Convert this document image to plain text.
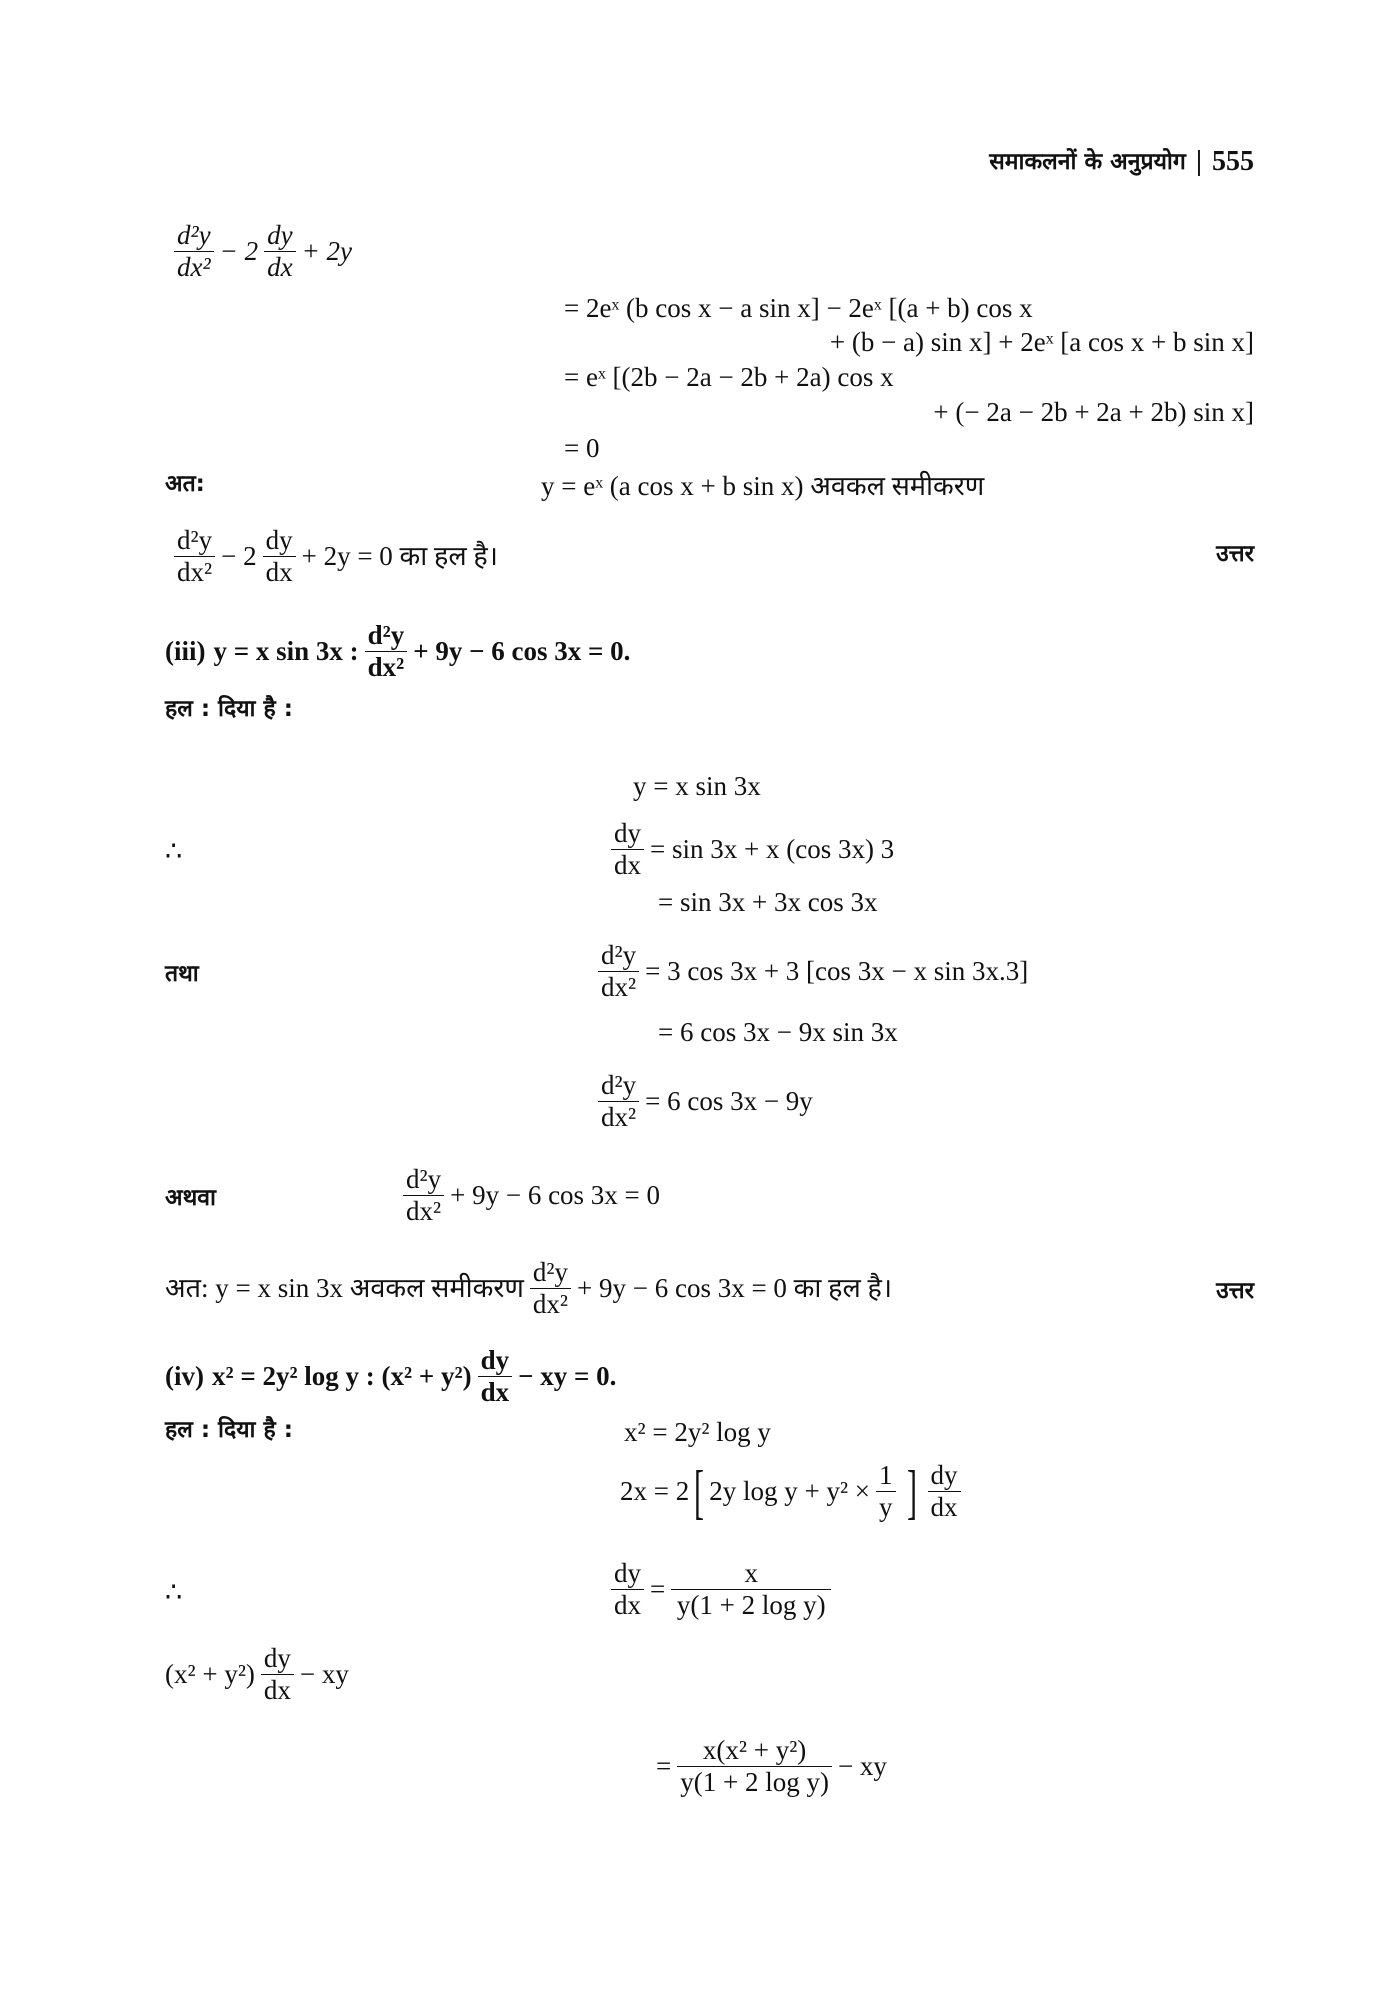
समाकलनों के अनुप्रयोग | 555
$\frac{\text{d²y}}{\text{dx²}} - 2 \frac{dy}{dx} + 2y$
= 2eˣ (b cos x − a sin x] − 2eˣ [(a + b) cos x
+ (b − a) sin x] + 2eˣ [a cos x + b sin x]
= eˣ [(2b − 2a − 2b + 2a) cos x
+ (− 2a − 2b + 2a + 2b) sin x]
= 0
अत:	y = eˣ (a cos x + b sin x) अवकल समीकरण
$\frac{\text{d²y}}{\text{dx²}} - 2 \frac{dy}{dx} + 2y = 0$ का हल है।	उत्तर
(iii) y = x sin 3x : $\frac{\text{d²y}}{\text{dx²}} + 9y - 6$ cos 3x = 0.
हल : दिया है :
y = x sin 3x
∴	$\frac{dy}{dx} = \sin 3x + x$ (cos 3x) 3
= sin 3x + 3x cos 3x
तथा	$\frac{\text{d²y}}{\text{dx²}} = 3$ cos 3x + 3 [cos 3x − x sin 3x.3]
= 6 cos 3x − 9x sin 3x
$\frac{\text{d²y}}{\text{dx²}} = 6$ cos 3x − 9y
अथवा	$\frac{\text{d²y}}{\text{dx²}} + 9y - 6$ cos 3x = 0
अत: y = x sin 3x अवकल समीकरण $\frac{\text{d²y}}{\text{dx²}} + 9y - 6$ cos 3x = 0 का हल है।	उत्तर
(iv) x² = 2y² log y : $(x^2 + y^2) \frac{dy}{dx}$ − xy = 0.
हल : दिया है :	x² = 2y² log y
2x = 2 [ 2y $\log y + y^2 \times \frac{1}{y}$ ] $\frac{dy}{dx}$
∴	$\frac{dy}{dx} = \frac{x}{\text{y(1 + 2 log y)}}$
$(x^2 + y^2) \frac{dy}{dx}$ − xy
= $\frac{\text{x(x² + y²)}}{\text{y(1 + 2 log y)}}$ − xy
